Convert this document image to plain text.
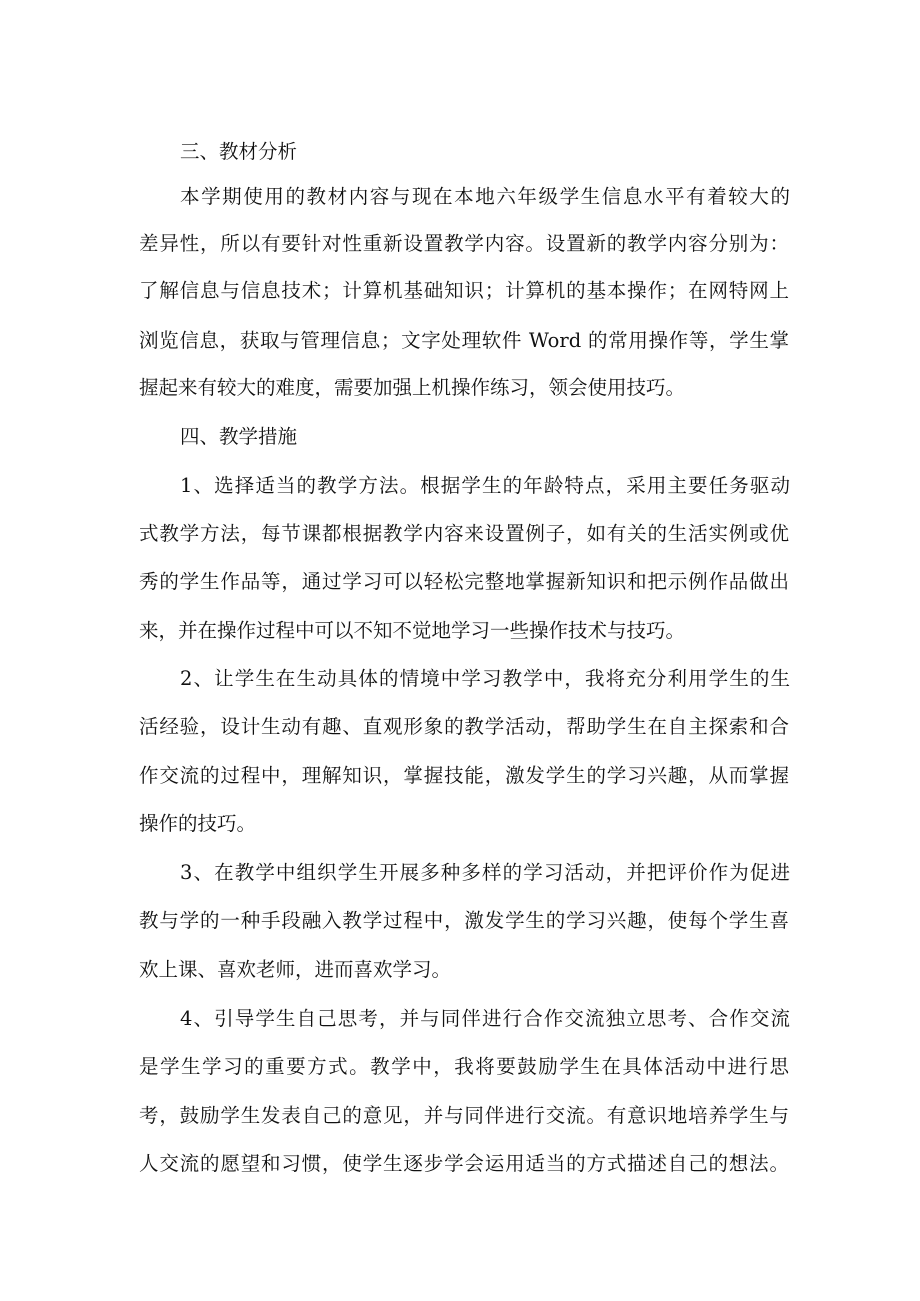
三、教材分析
本学期使用的教材内容与现在本地六年级学生信息水平有着较大的
差异性，所以有要针对性重新设置教学内容。设置新的教学内容分别为：
了解信息与信息技术；计算机基础知识；计算机的基本操作；在网特网上
浏览信息，获取与管理信息；文字处理软件 Word 的常用操作等，学生掌
握起来有较大的难度，需要加强上机操作练习，领会使用技巧。
四、教学措施
1、选择适当的教学方法。根据学生的年龄特点，采用主要任务驱动
式教学方法，每节课都根据教学内容来设置例子，如有关的生活实例或优
秀的学生作品等，通过学习可以轻松完整地掌握新知识和把示例作品做出
来，并在操作过程中可以不知不觉地学习一些操作技术与技巧。
2、让学生在生动具体的情境中学习教学中，我将充分利用学生的生
活经验，设计生动有趣、直观形象的教学活动，帮助学生在自主探索和合
作交流的过程中，理解知识，掌握技能，激发学生的学习兴趣，从而掌握
操作的技巧。
3、在教学中组织学生开展多种多样的学习活动，并把评价作为促进
教与学的一种手段融入教学过程中，激发学生的学习兴趣，使每个学生喜
欢上课、喜欢老师，进而喜欢学习。
4、引导学生自己思考，并与同伴进行合作交流独立思考、合作交流
是学生学习的重要方式。教学中，我将要鼓励学生在具体活动中进行思
考，鼓励学生发表自己的意见，并与同伴进行交流。有意识地培养学生与
人交流的愿望和习惯，使学生逐步学会运用适当的方式描述自己的想法。
